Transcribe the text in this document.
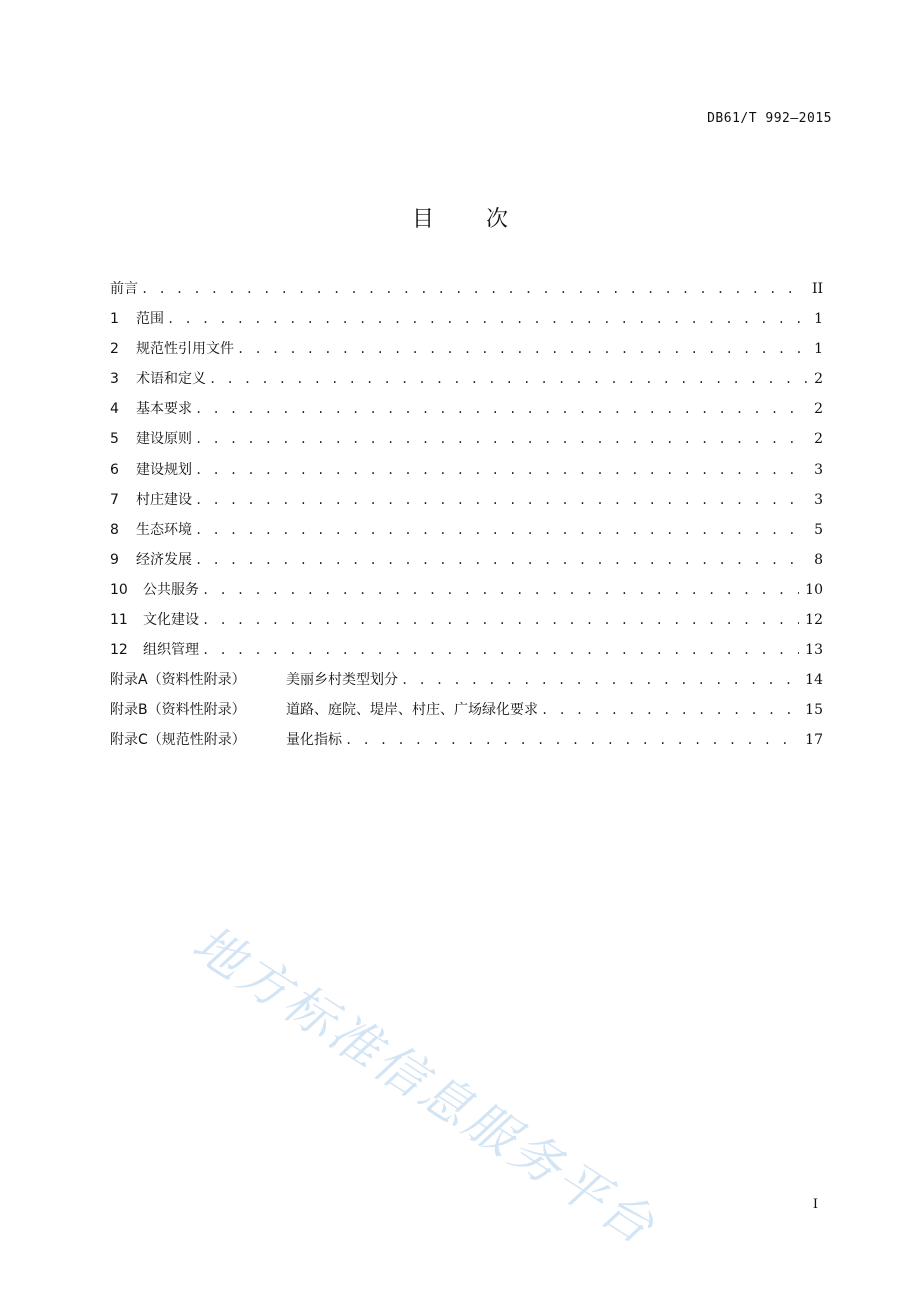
DB61/T 992—2015
目次
前言 . . .	II
1	范围 . . .	1
2	规范性引用文件 . . .	1
3	术语和定义 . . .	2
4	基本要求 . . .	2
5	建设原则 . . .	2
6	建设规划 . . .	3
7	村庄建设 . . .	3
8	生态环境 . . .	5
9	经济发展 . . .	8
10	公共服务 . . .	10
11	文化建设 . . .	12
12	组织管理 . . .	13
附录A（资料性附录）	美丽乡村类型划分 . . .	14
附录B（资料性附录）	道路、庭院、堤岸、村庄、广场绿化要求 . . .	15
附录C（规范性附录）	量化指标 . . .	17
地方标准信息服务平台	I
